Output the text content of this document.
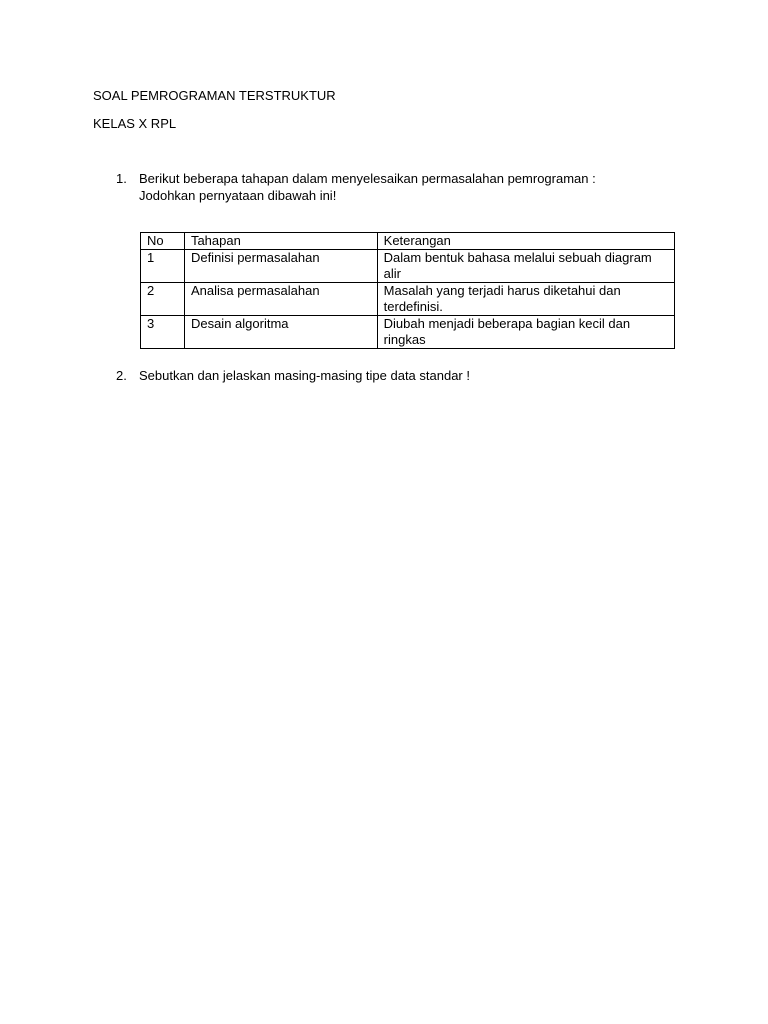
SOAL PEMROGRAMAN TERSTRUKTUR
KELAS X RPL
1. Berikut beberapa tahapan dalam menyelesaikan permasalahan pemrograman :
Jodohkan pernyataan dibawah ini!
No	Tahapan	Keterangan
1	Definisi permasalahan	Dalam bentuk bahasa melalui sebuah diagram alir
2	Analisa permasalahan	Masalah yang terjadi harus diketahui dan terdefinisi.
3	Desain algoritma	Diubah menjadi beberapa bagian kecil dan ringkas
2. Sebutkan dan jelaskan masing-masing tipe data standar !
